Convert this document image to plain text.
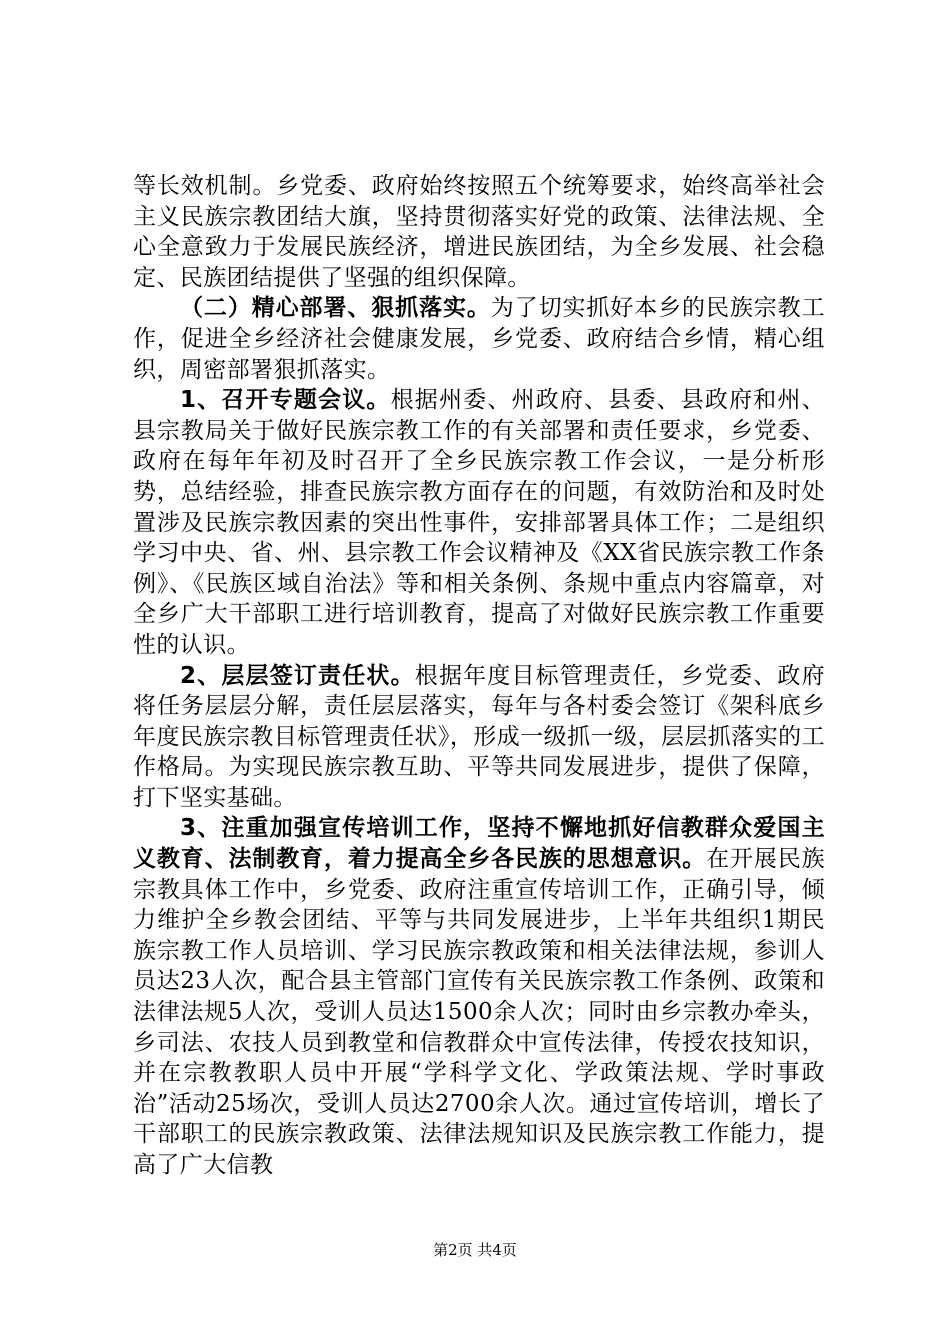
等长效机制。乡党委、政府始终按照五个统筹要求，始终高举社会主义民族宗教团结大旗，坚持贯彻落实好党的政策、法律法规、全心全意致力于发展民族经济，增进民族团结，为全乡发展、社会稳定、民族团结提供了坚强的组织保障。

（二）精心部署、狠抓落实。为了切实抓好本乡的民族宗教工作，促进全乡经济社会健康发展，乡党委、政府结合乡情，精心组织，周密部署狠抓落实。

1、召开专题会议。根据州委、州政府、县委、县政府和州、县宗教局关于做好民族宗教工作的有关部署和责任要求，乡党委、政府在每年年初及时召开了全乡民族宗教工作会议，一是分析形势，总结经验，排查民族宗教方面存在的问题，有效防治和及时处置涉及民族宗教因素的突出性事件，安排部署具体工作；二是组织学习中央、省、州、县宗教工作会议精神及《XX省民族宗教工作条例》、《民族区域自治法》等和相关条例、条规中重点内容篇章，对全乡广大干部职工进行培训教育，提高了对做好民族宗教工作重要性的认识。

2、层层签订责任状。根据年度目标管理责任，乡党委、政府将任务层层分解，责任层层落实，每年与各村委会签订《架科底乡年度民族宗教目标管理责任状》，形成一级抓一级，层层抓落实的工作格局。为实现民族宗教互助、平等共同发展进步，提供了保障，打下坚实基础。

3、注重加强宣传培训工作，坚持不懈地抓好信教群众爱国主义教育、法制教育，着力提高全乡各民族的思想意识。在开展民族宗教具体工作中，乡党委、政府注重宣传培训工作，正确引导，倾力维护全乡教会团结、平等与共同发展进步，上半年共组织1期民族宗教工作人员培训、学习民族宗教政策和相关法律法规，参训人员达23人次，配合县主管部门宣传有关民族宗教工作条例、政策和法律法规5人次，受训人员达1500余人次；同时由乡宗教办牵头，乡司法、农技人员到教堂和信教群众中宣传法律，传授农技知识，并在宗教教职人员中开展“学科学文化、学政策法规、学时事政治”活动25场次，受训人员达2700余人次。通过宣传培训，增长了干部职工的民族宗教政策、法律法规知识及民族宗教工作能力，提高了广大信教

第2页 共4页
